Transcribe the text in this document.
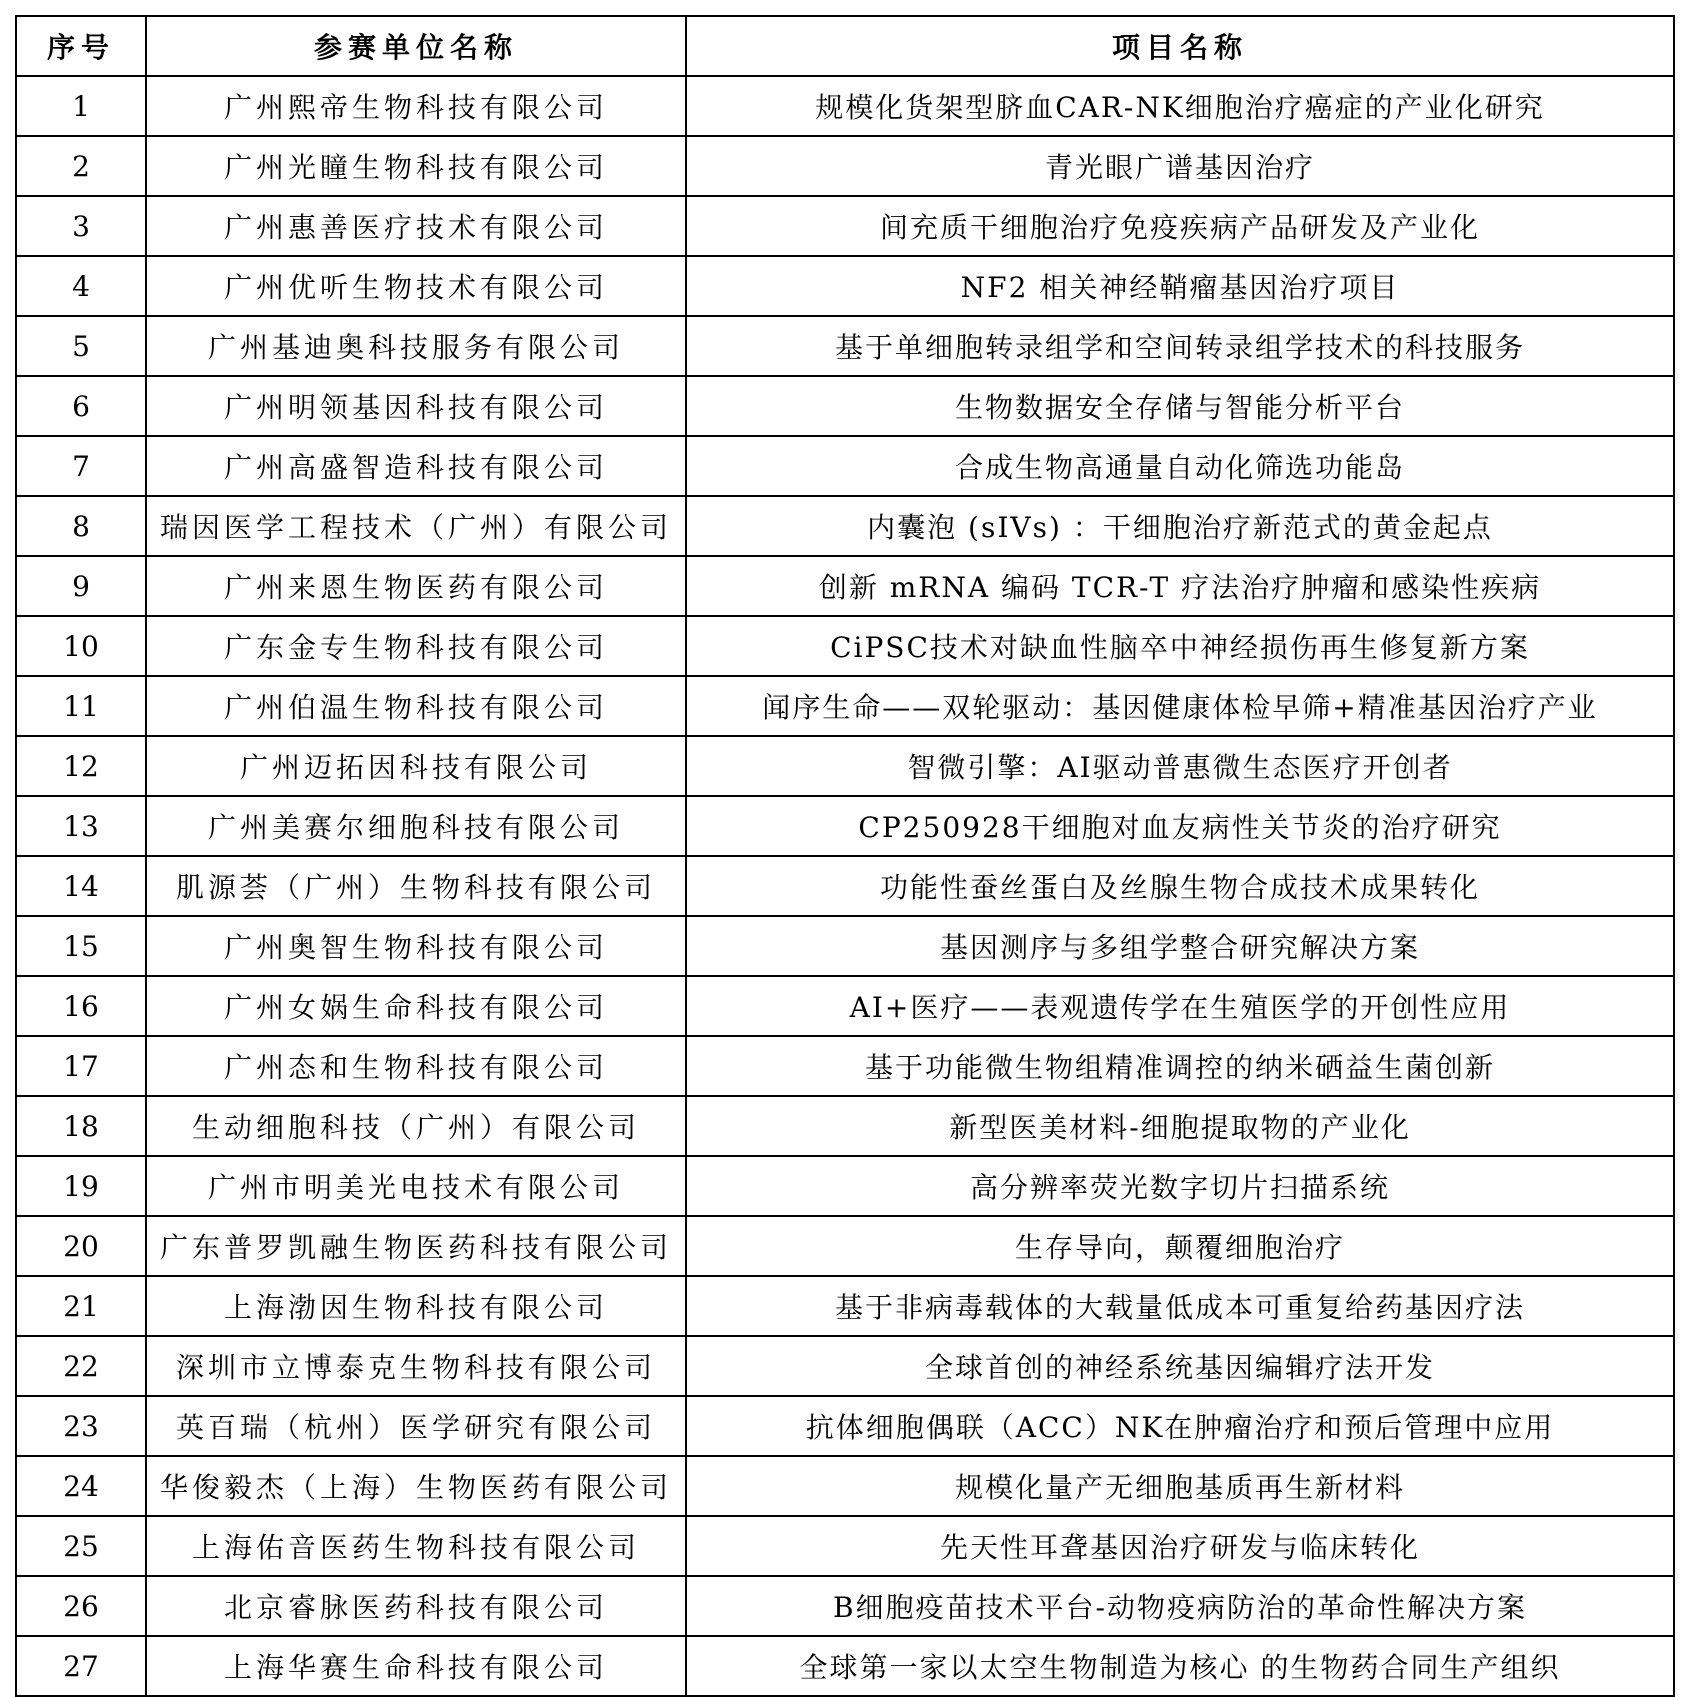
序号	参赛单位名称	项目名称
1	广州熙帝生物科技有限公司	规模化货架型脐血CAR-NK细胞治疗癌症的产业化研究
2	广州光瞳生物科技有限公司	青光眼广谱基因治疗
3	广州惠善医疗技术有限公司	间充质干细胞治疗免疫疾病产品研发及产业化
4	广州优听生物技术有限公司	NF2 相关神经鞘瘤基因治疗项目
5	广州基迪奥科技服务有限公司	基于单细胞转录组学和空间转录组学技术的科技服务
6	广州明领基因科技有限公司	生物数据安全存储与智能分析平台
7	广州高盛智造科技有限公司	合成生物高通量自动化筛选功能岛
8	瑞因医学工程技术（广州）有限公司	内囊泡 (sIVs) ：干细胞治疗新范式的黄金起点
9	广州来恩生物医药有限公司	创新 mRNA 编码 TCR-T 疗法治疗肿瘤和感染性疾病
10	广东金专生物科技有限公司	CiPSC技术对缺血性脑卒中神经损伤再生修复新方案
11	广州伯温生物科技有限公司	闻序生命——双轮驱动：基因健康体检早筛+精准基因治疗产业
12	广州迈拓因科技有限公司	智微引擎：AI驱动普惠微生态医疗开创者
13	广州美赛尔细胞科技有限公司	CP250928干细胞对血友病性关节炎的治疗研究
14	肌源荟（广州）生物科技有限公司	功能性蚕丝蛋白及丝腺生物合成技术成果转化
15	广州奥智生物科技有限公司	基因测序与多组学整合研究解决方案
16	广州女娲生命科技有限公司	AI+医疗——表观遗传学在生殖医学的开创性应用
17	广州态和生物科技有限公司	基于功能微生物组精准调控的纳米硒益生菌创新
18	生动细胞科技（广州）有限公司	新型医美材料-细胞提取物的产业化
19	广州市明美光电技术有限公司	高分辨率荧光数字切片扫描系统
20	广东普罗凯融生物医药科技有限公司	生存导向，颠覆细胞治疗
21	上海渤因生物科技有限公司	基于非病毒载体的大载量低成本可重复给药基因疗法
22	深圳市立博泰克生物科技有限公司	全球首创的神经系统基因编辑疗法开发
23	英百瑞（杭州）医学研究有限公司	抗体细胞偶联（ACC）NK在肿瘤治疗和预后管理中应用
24	华俊毅杰（上海）生物医药有限公司	规模化量产无细胞基质再生新材料
25	上海佑音医药生物科技有限公司	先天性耳聋基因治疗研发与临床转化
26	北京睿脉医药科技有限公司	B细胞疫苗技术平台-动物疫病防治的革命性解决方案
27	上海华赛生命科技有限公司	全球第一家以太空生物制造为核心 的生物药合同生产组织
